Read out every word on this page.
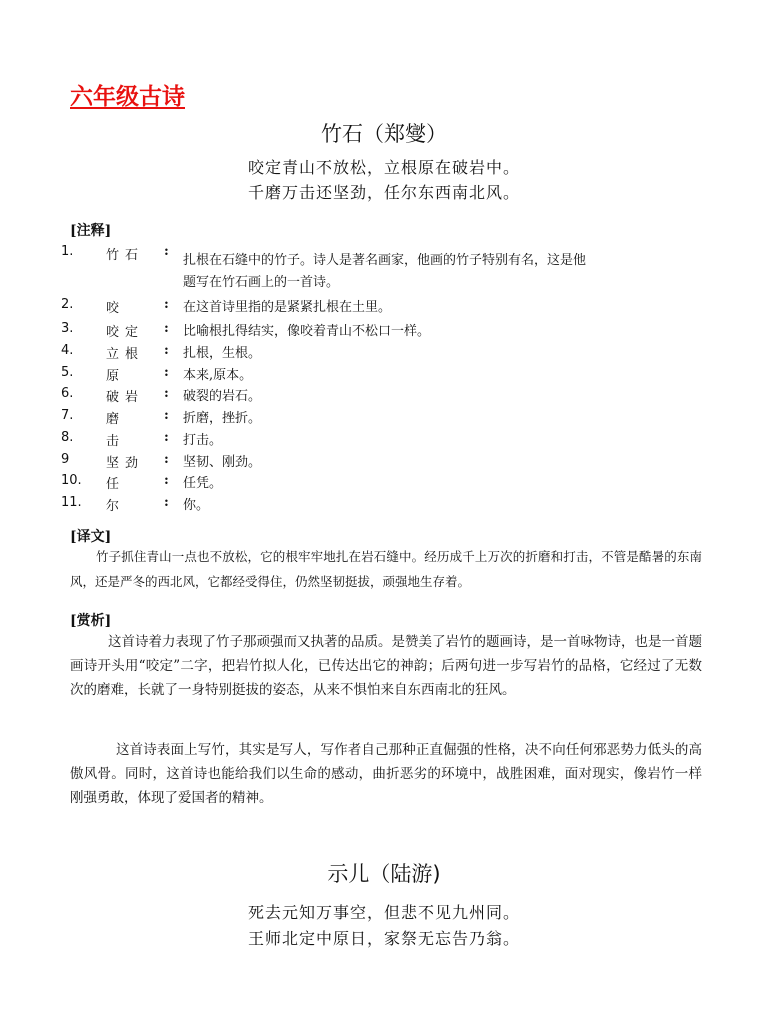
六年级古诗
竹石（郑燮）
咬定青山不放松，立根原在破岩中。
千磨万击还坚劲，任尔东西南北风。
[注释]
1.	竹石 :
扎根在石缝中的竹子。诗人是著名画家，他画的竹子特别有名，这是他
题写在竹石画上的一首诗。
2.	咬	: 在这首诗里指的是紧紧扎根在土里。
3.	咬定 : 比喻根扎得结实，像咬着青山不松口一样。
4.	立根 : 扎根，生根。
5.	原	: 本来,原本。
6.	破岩 : 破裂的岩石。
7.	磨	: 折磨，挫折。
8.	击	: 打击。
9	坚劲 : 坚韧、刚劲。
10. 任	: 任凭。
11. 尔	: 你。
[译文]

竹子抓住青山一点也不放松，它的根牢牢地扎在岩石缝中。经历成千上万次的折磨和打击，不管是酷暑的东南风，还是严冬的西北风，它都经受得住，仍然坚韧挺拔，顽强地生存着。

[赏析]

这首诗着力表现了竹子那顽强而又执著的品质。是赞美了岩竹的题画诗，是一首咏物诗，也是一首题画诗开头用“咬定”二字，把岩竹拟人化，已传达出它的神韵；后两句进一步写岩竹的品格，它经过了无数次的磨难，长就了一身特别挺拔的姿态，从来不惧怕来自东西南北的狂风。

这首诗表面上写竹，其实是写人，写作者自己那种正直倔强的性格，决不向任何邪恶势力低头的高傲风骨。同时，这首诗也能给我们以生命的感动，曲折恶劣的环境中，战胜困难，面对现实，像岩竹一样刚强勇敢，体现了爱国者的精神。

示儿（陆游)
死去元知万事空，但悲不见九州同。
王师北定中原日，家祭无忘告乃翁。
